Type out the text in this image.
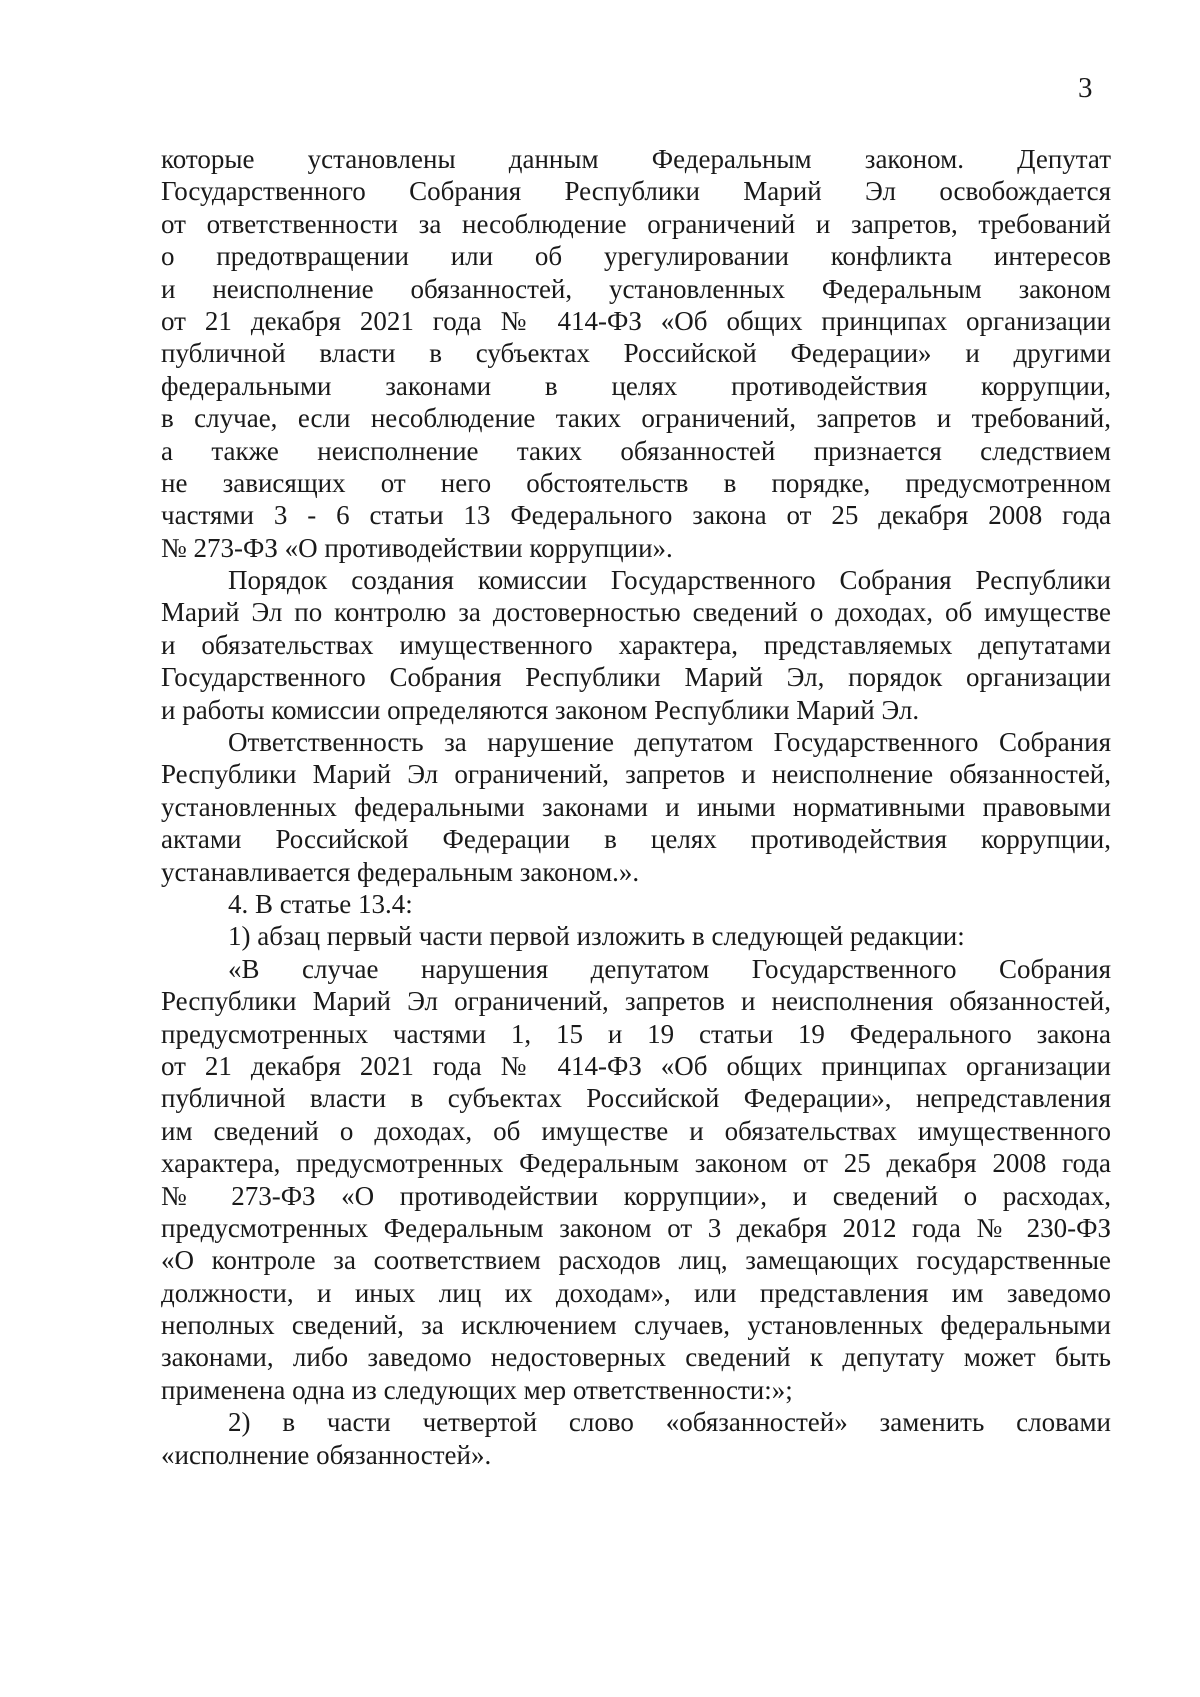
3
которые установлены данным Федеральным законом. Депутат
Государственного Собрания Республики Марий Эл освобождается
от ответственности за несоблюдение ограничений и запретов, требований
о предотвращении или об урегулировании конфликта интересов
и неисполнение обязанностей, установленных Федеральным законом
от 21 декабря 2021 года № 414-ФЗ «Об общих принципах организации
публичной власти в субъектах Российской Федерации» и другими
федеральными законами в целях противодействия коррупции,
в случае, если несоблюдение таких ограничений, запретов и требований,
а также неисполнение таких обязанностей признается следствием
не зависящих от него обстоятельств в порядке, предусмотренном
частями 3 - 6 статьи 13 Федерального закона от 25 декабря 2008 года
№ 273-ФЗ «О противодействии коррупции».
Порядок создания комиссии Государственного Собрания Республики
Марий Эл по контролю за достоверностью сведений о доходах, об имуществе
и обязательствах имущественного характера, представляемых депутатами
Государственного Собрания Республики Марий Эл, порядок организации
и работы комиссии определяются законом Республики Марий Эл.
Ответственность за нарушение депутатом Государственного Собрания
Республики Марий Эл ограничений, запретов и неисполнение обязанностей,
установленных федеральными законами и иными нормативными правовыми
актами Российской Федерации в целях противодействия коррупции,
устанавливается федеральным законом.».
4. В статье 13.4:
1) абзац первый части первой изложить в следующей редакции:
«В случае нарушения депутатом Государственного Собрания
Республики Марий Эл ограничений, запретов и неисполнения обязанностей,
предусмотренных частями 1, 15 и 19 статьи 19 Федерального закона
от 21 декабря 2021 года № 414-ФЗ «Об общих принципах организации
публичной власти в субъектах Российской Федерации», непредставления
им сведений о доходах, об имуществе и обязательствах имущественного
характера, предусмотренных Федеральным законом от 25 декабря 2008 года
№ 273-ФЗ «О противодействии коррупции», и сведений о расходах,
предусмотренных Федеральным законом от 3 декабря 2012 года № 230-ФЗ
«О контроле за соответствием расходов лиц, замещающих государственные
должности, и иных лиц их доходам», или представления им заведомо
неполных сведений, за исключением случаев, установленных федеральными
законами, либо заведомо недостоверных сведений к депутату может быть
применена одна из следующих мер ответственности:»;
2) в части четвертой слово «обязанностей» заменить словами
«исполнение обязанностей».
